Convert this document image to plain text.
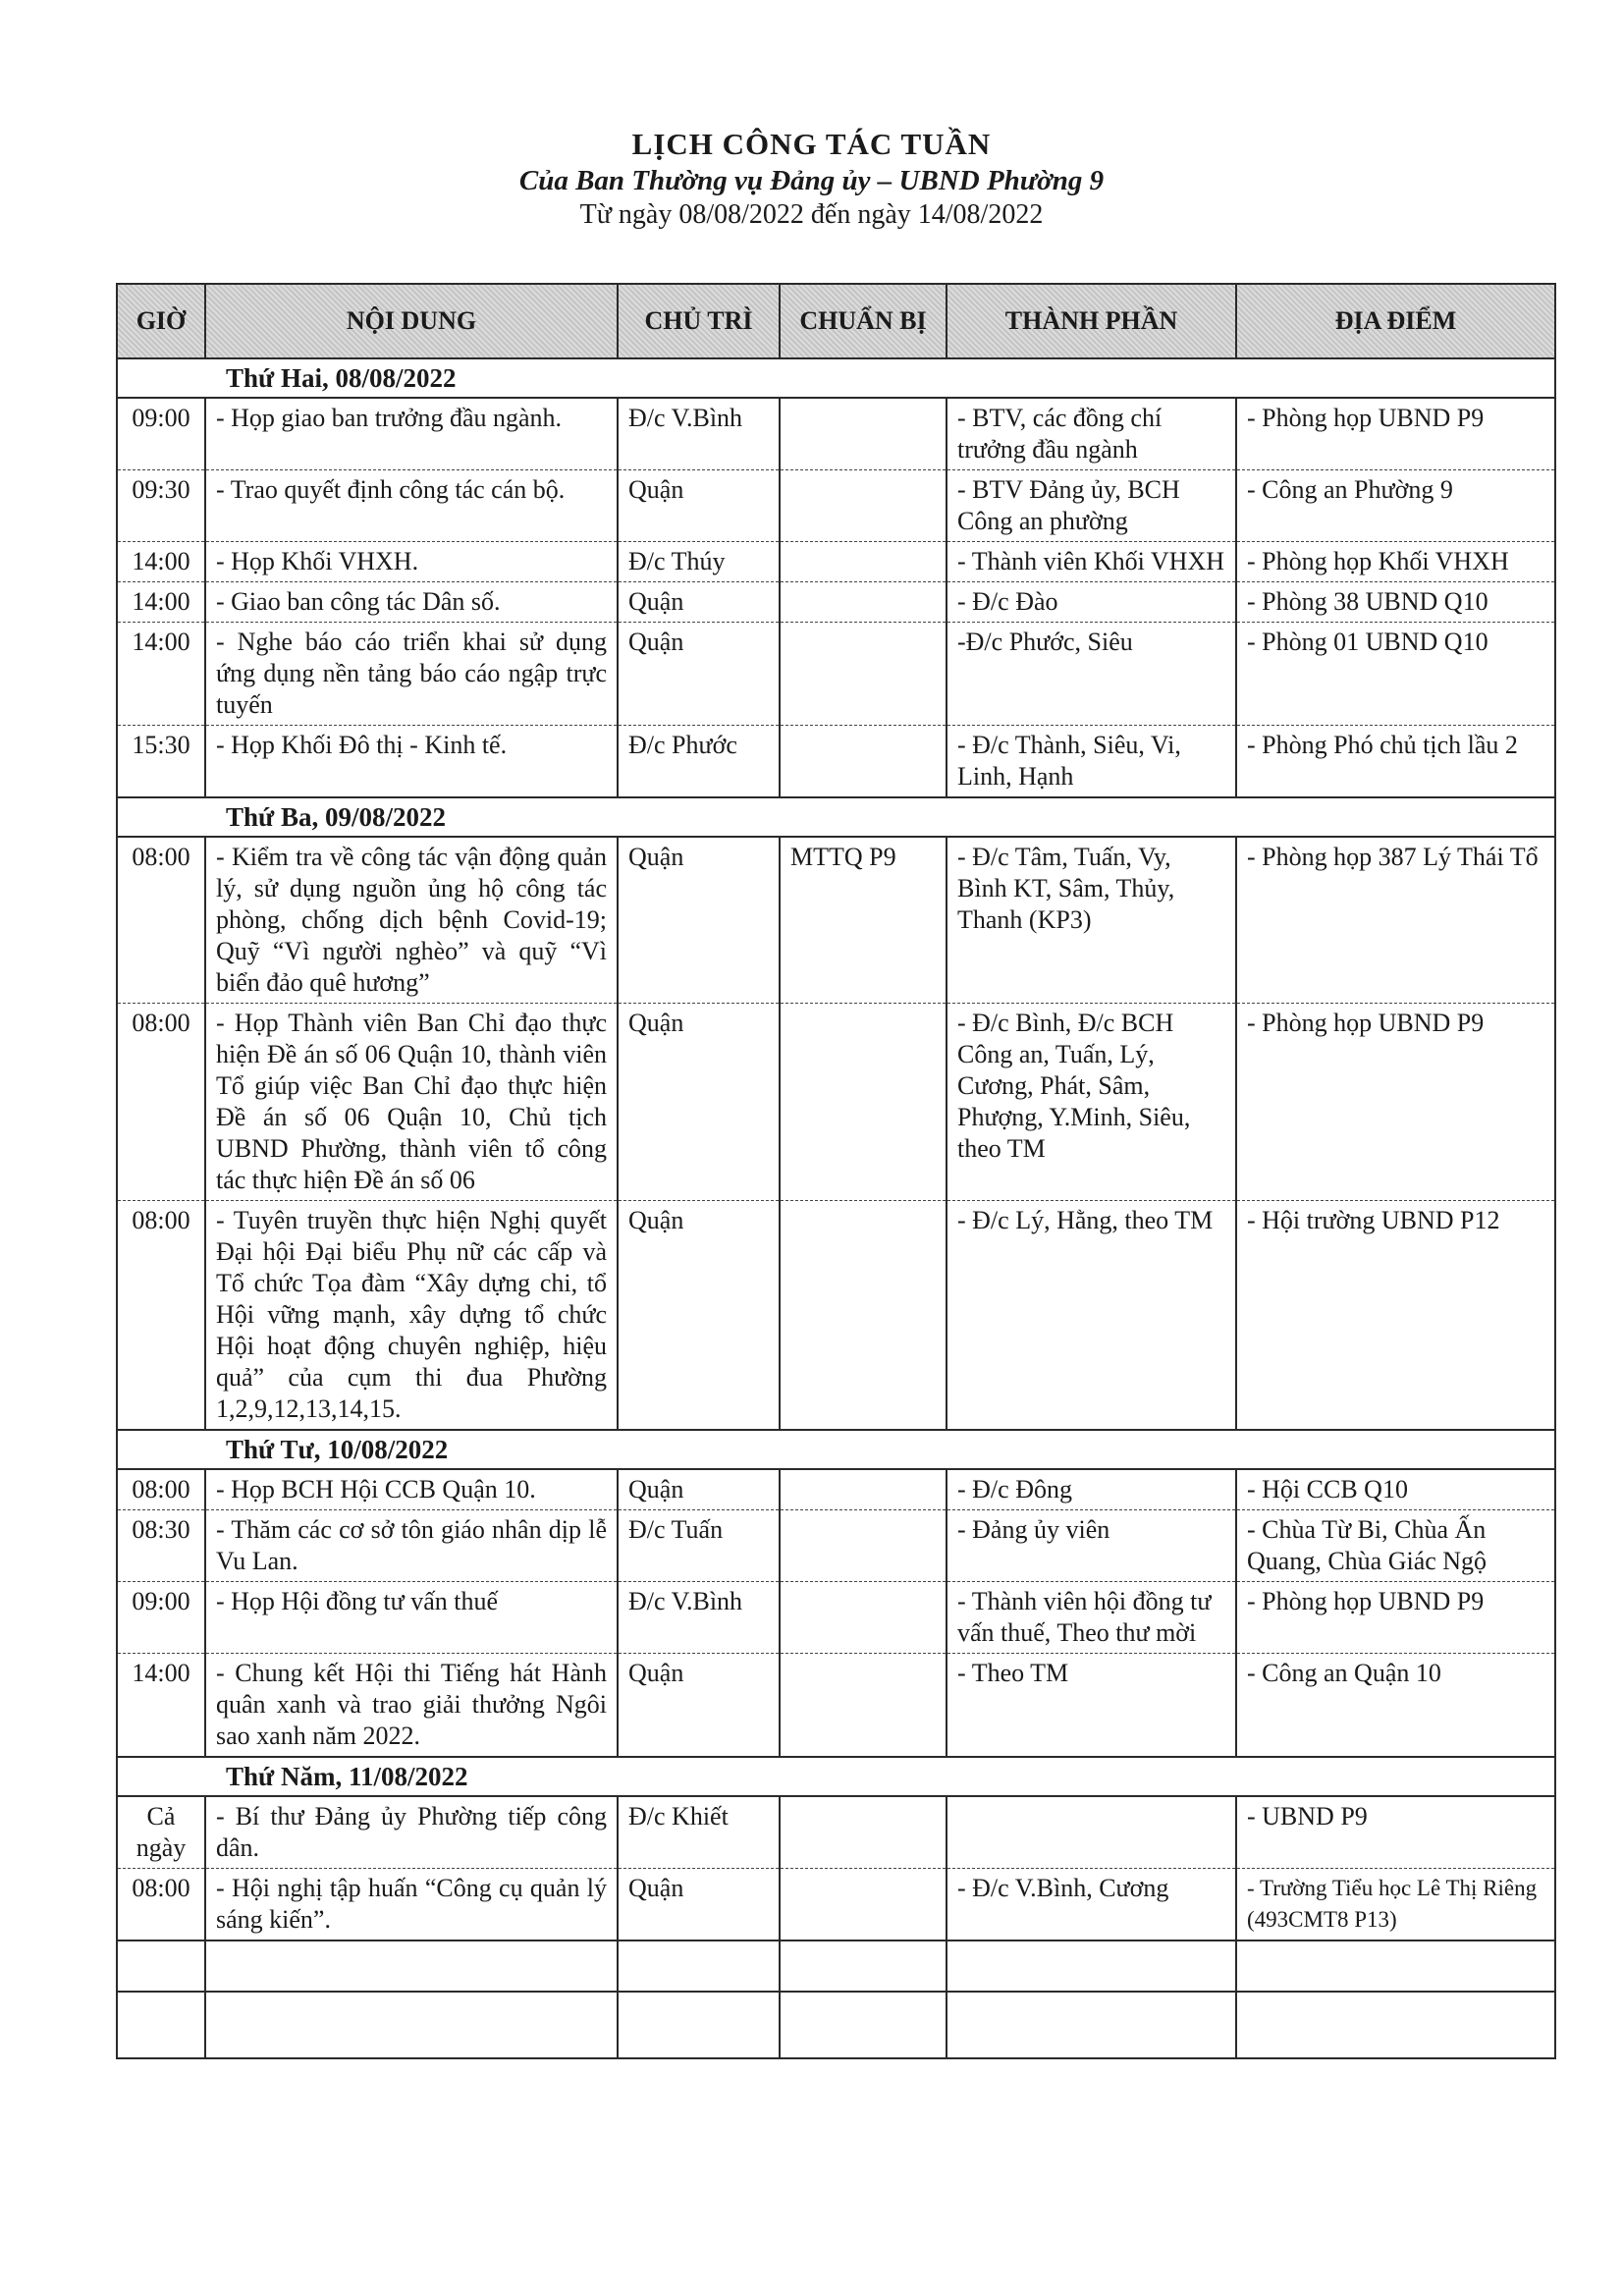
LỊCH CÔNG TÁC TUẦN
Của Ban Thường vụ Đảng ủy – UBND Phường 9
Từ ngày 08/08/2022 đến ngày 14/08/2022
GIỜ	NỘI DUNG	CHỦ TRÌ	CHUẨN BỊ	THÀNH PHẦN	ĐỊA ĐIỂM
Thứ Hai, 08/08/2022					
09:00	- Họp giao ban trưởng đầu ngành.	Đ/c V.Bình		- BTV, các đồng chí trưởng đầu ngành	- Phòng họp UBND P9
09:30	- Trao quyết định công tác cán bộ.	Quận		- BTV Đảng ủy, BCH Công an phường	- Công an Phường 9
14:00	- Họp Khối VHXH.	Đ/c Thúy		- Thành viên Khối VHXH	- Phòng họp Khối VHXH
14:00	- Giao ban công tác Dân số.	Quận		- Đ/c Đào	- Phòng 38 UBND Q10
14:00	- Nghe báo cáo triển khai sử dụng ứng dụng nền tảng báo cáo ngập trực tuyến	Quận		-Đ/c Phước, Siêu	- Phòng 01 UBND Q10
15:30	- Họp Khối Đô thị - Kinh tế.	Đ/c Phước		- Đ/c Thành, Siêu, Vi, Linh, Hạnh	- Phòng Phó chủ tịch lầu 2
Thứ Ba, 09/08/2022					
08:00	- Kiểm tra về công tác vận động quản lý, sử dụng nguồn ủng hộ công tác phòng, chống dịch bệnh Covid-19; Quỹ “Vì người nghèo” và quỹ “Vì biển đảo quê hương”	Quận	MTTQ P9	- Đ/c Tâm, Tuấn, Vy, Bình KT, Sâm, Thủy, Thanh (KP3)	- Phòng họp 387 Lý Thái Tổ
08:00	- Họp Thành viên Ban Chỉ đạo thực hiện Đề án số 06 Quận 10, thành viên Tổ giúp việc Ban Chỉ đạo thực hiện Đề án số 06 Quận 10, Chủ tịch UBND Phường, thành viên tổ công tác thực hiện Đề án số 06	Quận		- Đ/c Bình, Đ/c BCH Công an, Tuấn, Lý, Cương, Phát, Sâm, Phượng, Y.Minh, Siêu, theo TM	- Phòng họp UBND P9
08:00	- Tuyên truyền thực hiện Nghị quyết Đại hội Đại biểu Phụ nữ các cấp và Tổ chức Tọa đàm “Xây dựng chi, tổ Hội vững mạnh, xây dựng tổ chức Hội hoạt động chuyên nghiệp, hiệu quả” của cụm thi đua Phường 1,2,9,12,13,14,15.	Quận		- Đ/c Lý, Hằng, theo TM	- Hội trường UBND P12
Thứ Tư, 10/08/2022					
08:00	- Họp BCH Hội CCB Quận 10.	Quận		- Đ/c Đông	- Hội CCB Q10
08:30	- Thăm các cơ sở tôn giáo nhân dịp lễ Vu Lan.	Đ/c Tuấn		- Đảng ủy viên	- Chùa Từ Bi, Chùa Ấn Quang, Chùa Giác Ngộ
09:00	- Họp Hội đồng tư vấn thuế	Đ/c V.Bình		- Thành viên hội đồng tư vấn thuế, Theo thư mời	- Phòng họp UBND P9
14:00	- Chung kết Hội thi Tiếng hát Hành quân xanh và trao giải thưởng Ngôi sao xanh năm 2022.	Quận		- Theo TM	- Công an Quận 10
Thứ Năm, 11/08/2022					
Cả ngày	- Bí thư Đảng ủy Phường tiếp công dân.	Đ/c Khiết			- UBND P9
08:00	- Hội nghị tập huấn “Công cụ quản lý sáng kiến”.	Quận		- Đ/c V.Bình, Cương	- Trường Tiểu học Lê Thị Riêng (493CMT8 P13)
